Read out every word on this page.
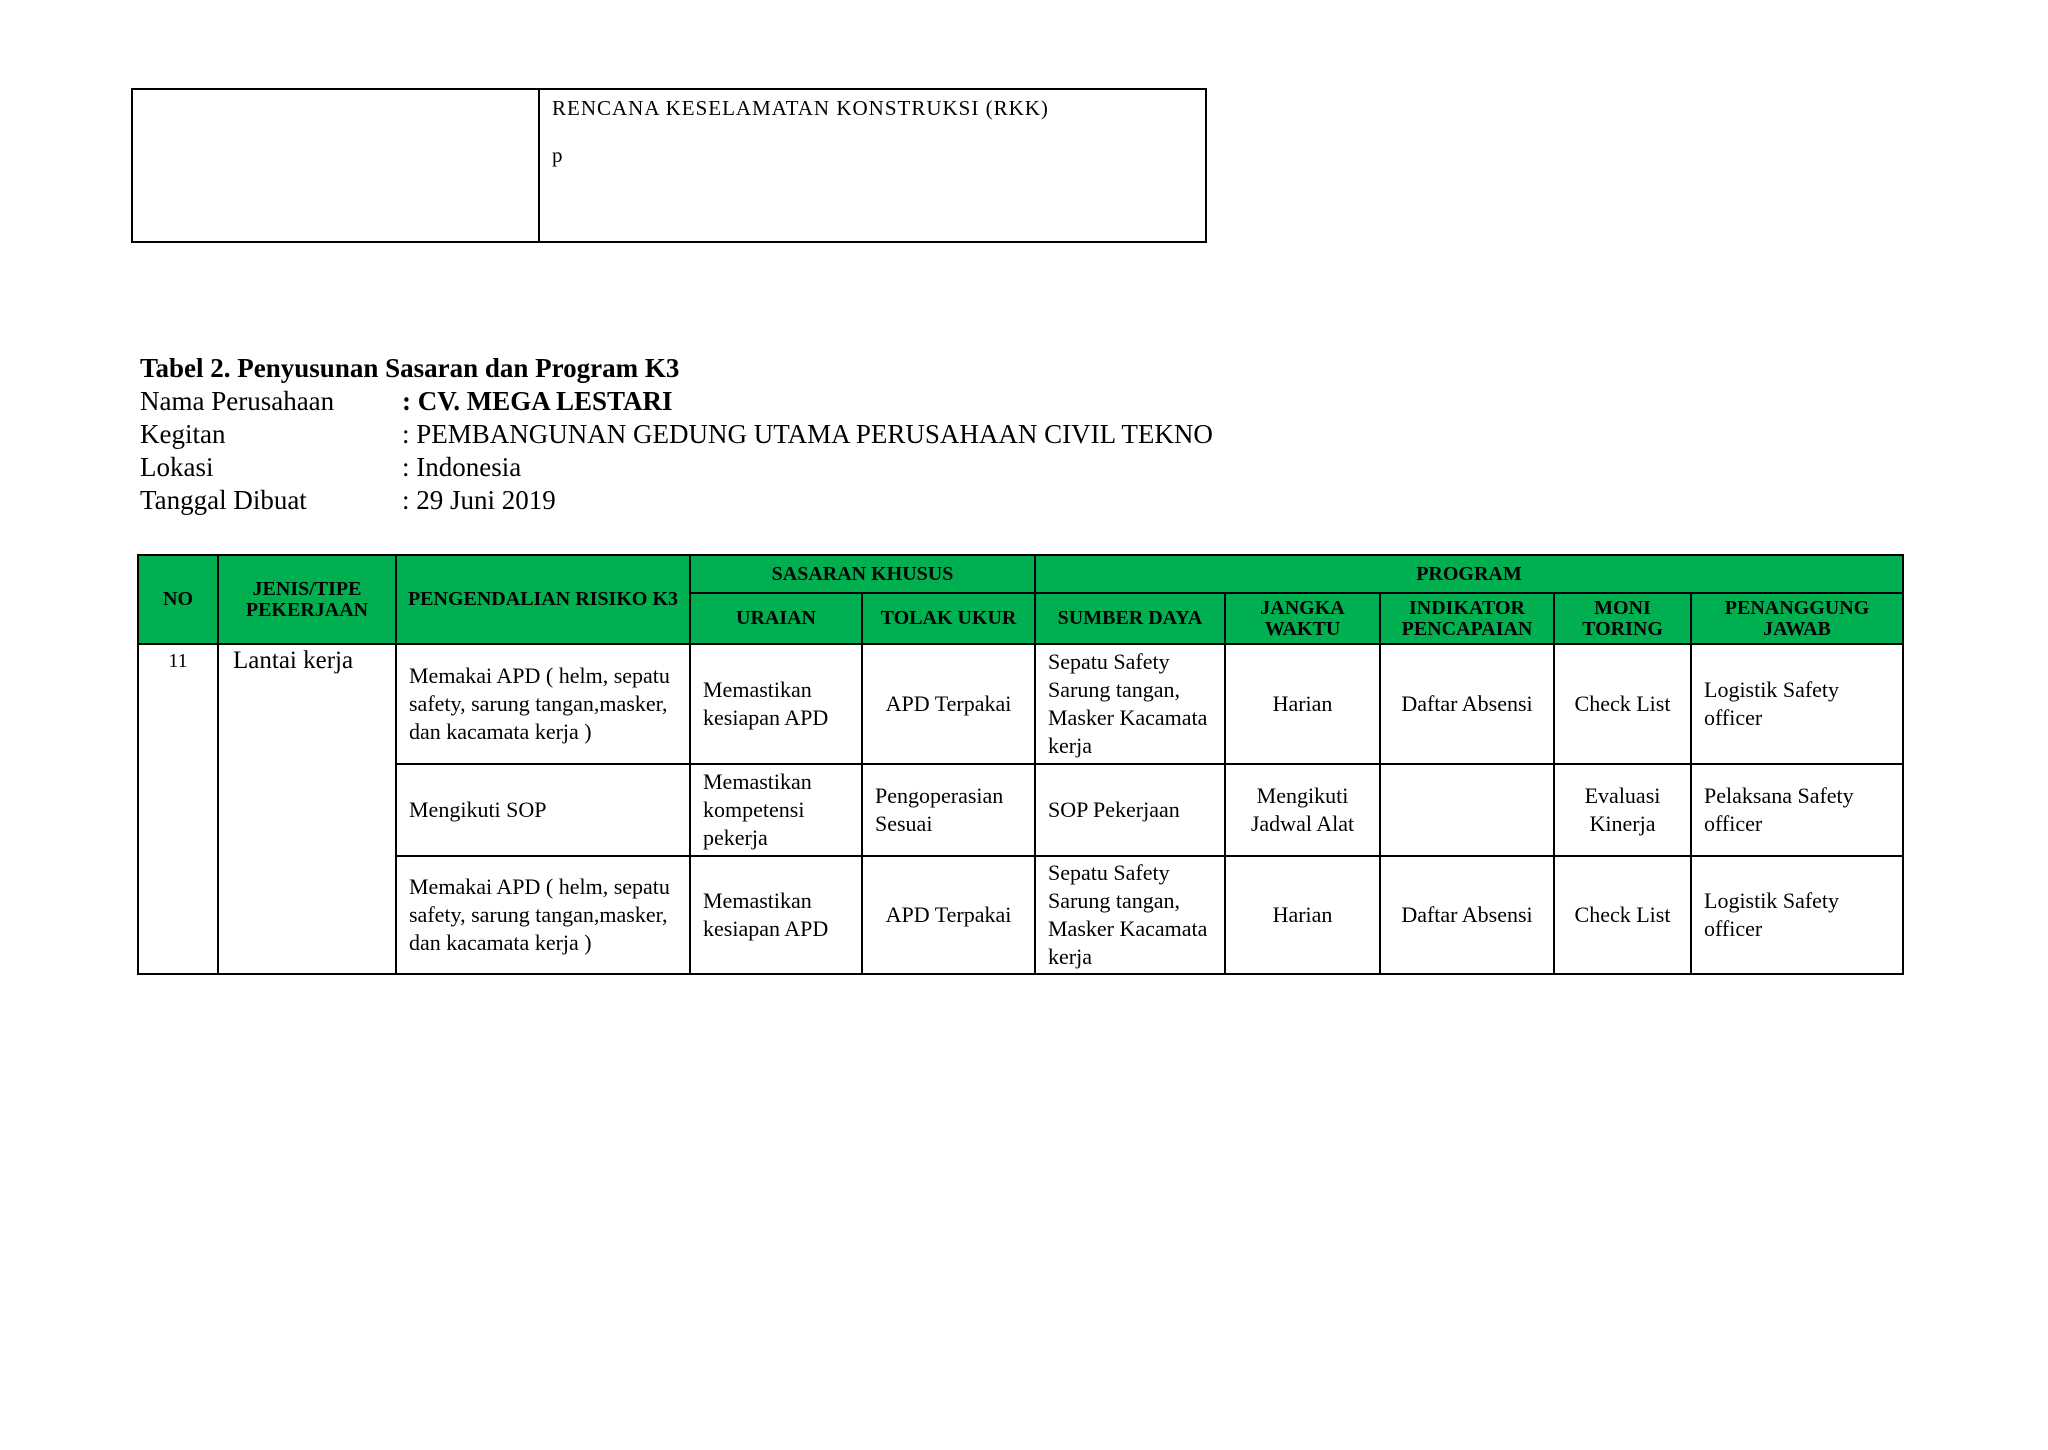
RENCANA KESELAMATAN KONSTRUKSI (RKK)
p
Tabel 2. Penyusunan Sasaran dan Program K3
Nama Perusahaan	: CV. MEGA LESTARI
Kegitan	: PEMBANGUNAN GEDUNG UTAMA PERUSAHAAN CIVIL TEKNO
Lokasi	: Indonesia
Tanggal Dibuat	: 29 Juni 2019
NO	JENIS/TIPE PEKERJAAN	PENGENDALIAN RISIKO K3	SASARAN KHUSUS		PROGRAM				
			URAIAN	TOLAK UKUR	SUMBER DAYA	JANGKA WAKTU	INDIKATOR PENCAPAIAN	MONI TORING	PENANGGUNG JAWAB
11	Lantai kerja	Memakai APD ( helm, sepatu safety, sarung tangan,masker, dan kacamata kerja )	Memastikan kesiapan APD	APD Terpakai	Sepatu Safety Sarung tangan, Masker Kacamata kerja	Harian	Daftar Absensi	Check List	Logistik Safety officer
		Mengikuti SOP	Memastikan kompetensi pekerja	Pengoperasian Sesuai	SOP Pekerjaan	Mengikuti Jadwal Alat		Evaluasi Kinerja	Pelaksana Safety officer
		Memakai APD ( helm, sepatu safety, sarung tangan,masker, dan kacamata kerja )	Memastikan kesiapan APD	APD Terpakai	Sepatu Safety Sarung tangan, Masker Kacamata kerja	Harian	Daftar Absensi	Check List	Logistik Safety officer
